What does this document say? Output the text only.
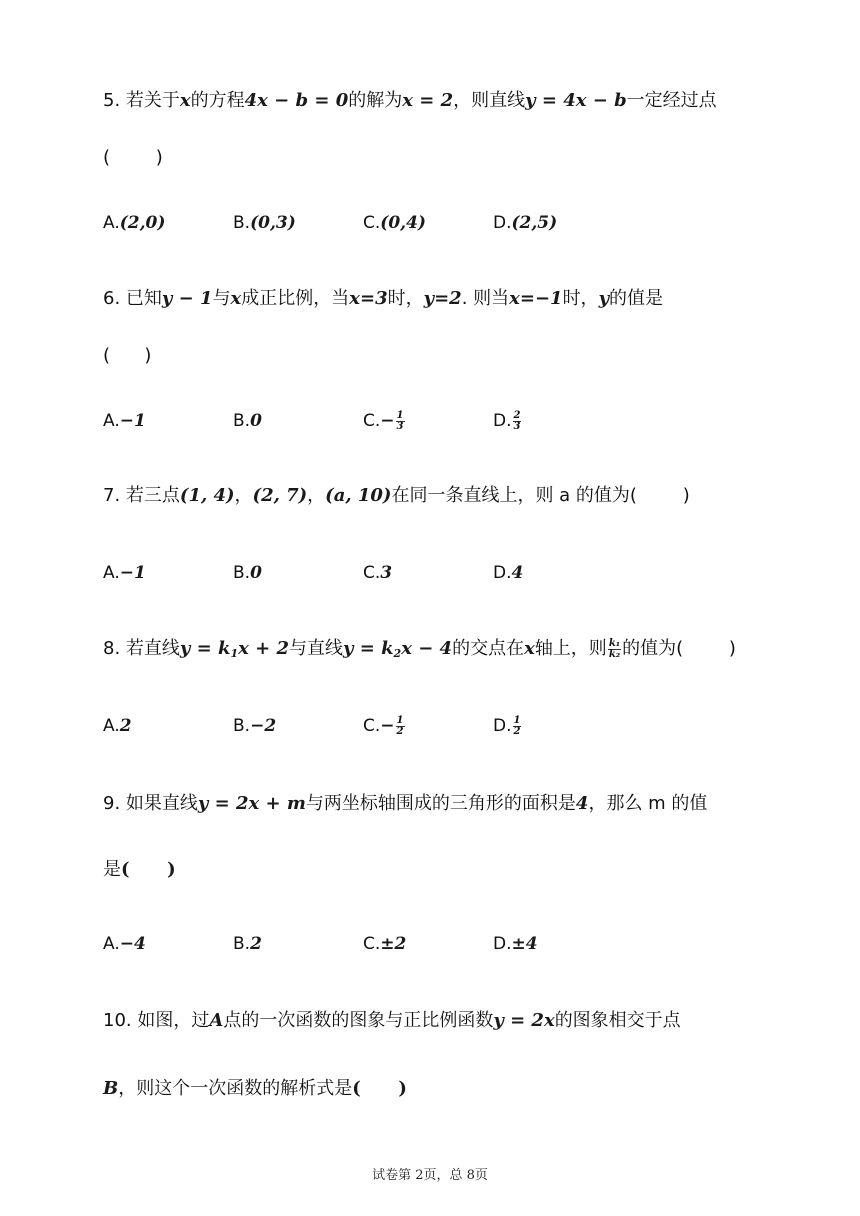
5. 若关于x的方程4x − b = 0的解为x = 2，则直线y = 4x − b一定经过点
(        )
A.(2,0)	B.(0,3)	C.(0,4)	D.(2,5)
6. 已知y − 1与x成正比例，当x=3时，y=2. 则当x=−1时，y的值是
(      )
A.−1	B.0	$C.- \frac{1}{3}$	D. $\frac{2}{3}$
7. 若三点(1, 4)，(2, 7)，(a, 10)在同一条直线上，则 a 的值为(        )
A.−1	B.0	C.3	D.4
8. 若直线$y = k_1x + 2$与直线$y = k_2x - 4$的交点在x轴上，则 $\frac{\text{k₁}}{\text{k₂}}$ 的值为(        )
A.2	B.−2	$C.- \frac{1}{2}$	D. $\frac{1}{2}$
9. 如果直线y = 2x + m与两坐标轴围成的三角形的面积是4，那么 m 的值
是(      )
A.−4	B.2	C.±2	D.±4
10. 如图，过A点的一次函数的图象与正比例函数y = 2x的图象相交于点
B，则这个一次函数的解析式是(      )
试卷第 2页，总 8页
